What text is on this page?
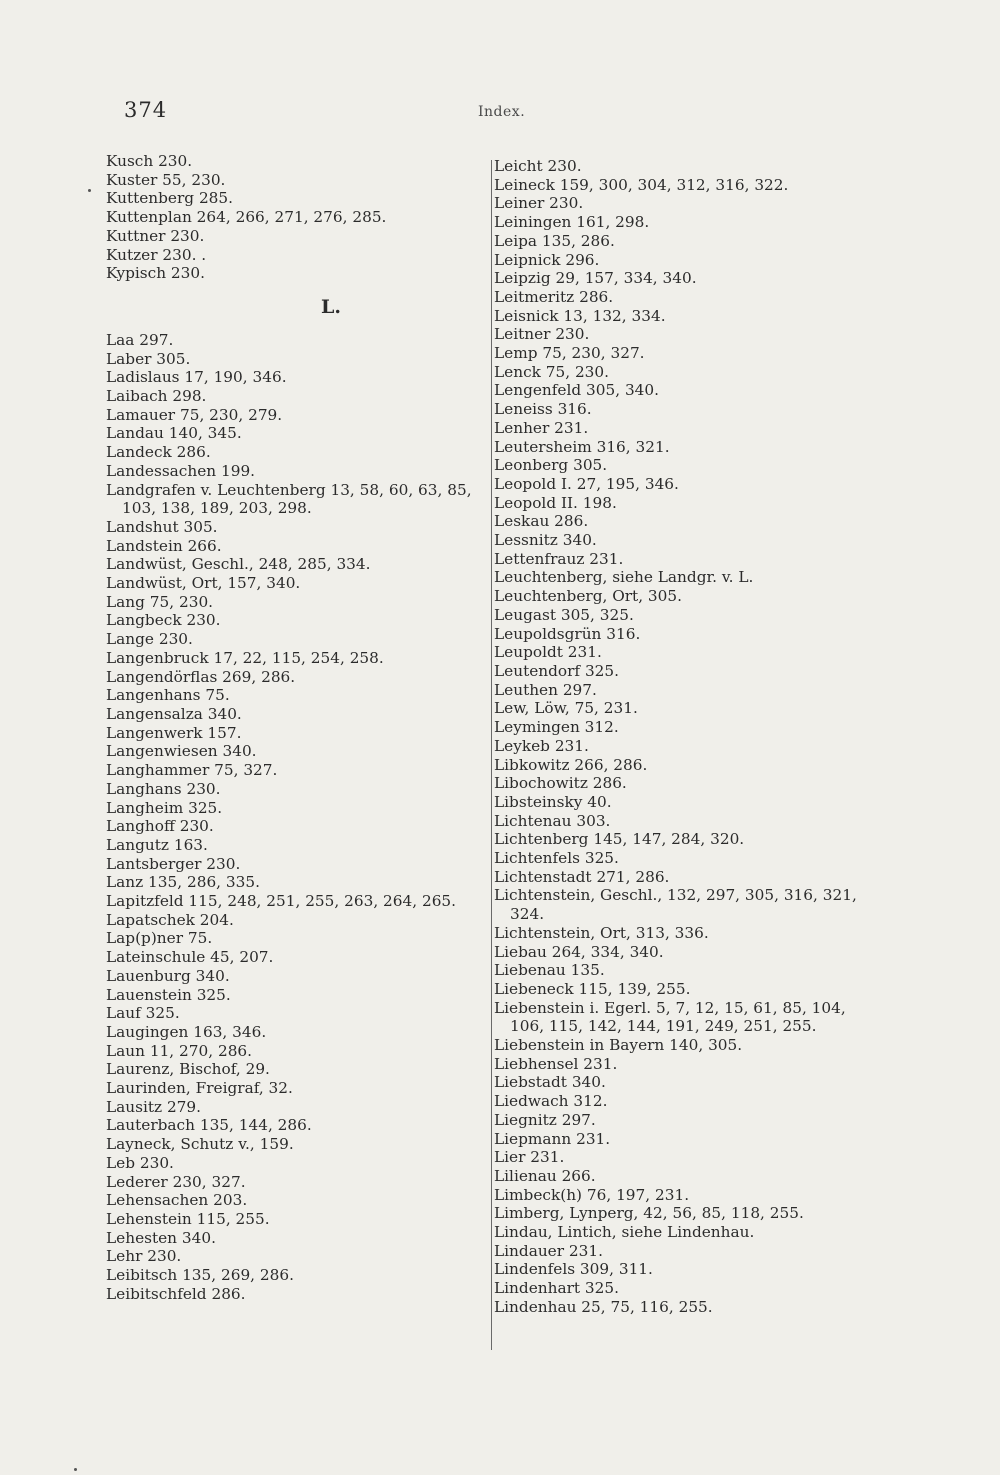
374	Index.
Kusch 230.
Kuster 55, 230.
Kuttenberg 285.
Kuttenplan 264, 266, 271, 276, 285.
Kuttner 230.
Kutzer 230. .
Kypisch 230.
L.
Laa 297.
Laber 305.
Ladislaus 17, 190, 346.
Laibach 298.
Lamauer 75, 230, 279.
Landau 140, 345.
Landeck 286.
Landessachen 199.
Landgrafen v. Leuchtenberg 13, 58, 60, 63, 85, 103, 138, 189, 203, 298.
Landshut 305.
Landstein 266.
Landwüst, Geschl., 248, 285, 334.
Landwüst, Ort, 157, 340.
Lang 75, 230.
Langbeck 230.
Lange 230.
Langenbruck 17, 22, 115, 254, 258.
Langendörflas 269, 286.
Langenhans 75.
Langensalza 340.
Langenwerk 157.
Langenwiesen 340.
Langhammer 75, 327.
Langhans 230.
Langheim 325.
Langhoff 230.
Langutz 163.
Lantsberger 230.
Lanz 135, 286, 335.
Lapitzfeld 115, 248, 251, 255, 263, 264, 265.
Lapatschek 204.
Lap(p)ner 75.
Lateinschule 45, 207.
Lauenburg 340.
Lauenstein 325.
Lauf 325.
Laugingen 163, 346.
Laun 11, 270, 286.
Laurenz, Bischof, 29.
Laurinden, Freigraf, 32.
Lausitz 279.
Lauterbach 135, 144, 286.
Layneck, Schutz v., 159.
Leb 230.
Lederer 230, 327.
Lehensachen 203.
Lehenstein 115, 255.
Lehesten 340.
Lehr 230.
Leibitsch 135, 269, 286.
Leibitschfeld 286.
Leicht 230.
Leineck 159, 300, 304, 312, 316, 322.
Leiner 230.
Leiningen 161, 298.
Leipa 135, 286.
Leipnick 296.
Leipzig 29, 157, 334, 340.
Leitmeritz 286.
Leisnick 13, 132, 334.
Leitner 230.
Lemp 75, 230, 327.
Lenck 75, 230.
Lengenfeld 305, 340.
Leneiss 316.
Lenher 231.
Leutersheim 316, 321.
Leonberg 305.
Leopold I. 27, 195, 346.
Leopold II. 198.
Leskau 286.
Lessnitz 340.
Lettenfrauz 231.
Leuchtenberg, siehe Landgr. v. L.
Leuchtenberg, Ort, 305.
Leugast 305, 325.
Leupoldsgrün 316.
Leupoldt 231.
Leutendorf 325.
Leuthen 297.
Lew, Löw, 75, 231.
Leymingen 312.
Leykeb 231.
Libkowitz 266, 286.
Libochowitz 286.
Libsteinsky 40.
Lichtenau 303.
Lichtenberg 145, 147, 284, 320.
Lichtenfels 325.
Lichtenstadt 271, 286.
Lichtenstein, Geschl., 132, 297, 305, 316, 321, 324.
Lichtenstein, Ort, 313, 336.
Liebau 264, 334, 340.
Liebenau 135.
Liebeneck 115, 139, 255.
Liebenstein i. Egerl. 5, 7, 12, 15, 61, 85, 104, 106, 115, 142, 144, 191, 249, 251, 255.
Liebenstein in Bayern 140, 305.
Liebhensel 231.
Liebstadt 340.
Liedwach 312.
Liegnitz 297.
Liepmann 231.
Lier 231.
Lilienau 266.
Limbeck(h) 76, 197, 231.
Limberg, Lynperg, 42, 56, 85, 118, 255.
Lindau, Lintich, siehe Lindenhau.
Lindauer 231.
Lindenfels 309, 311.
Lindenhart 325.
Lindenhau 25, 75, 116, 255.
